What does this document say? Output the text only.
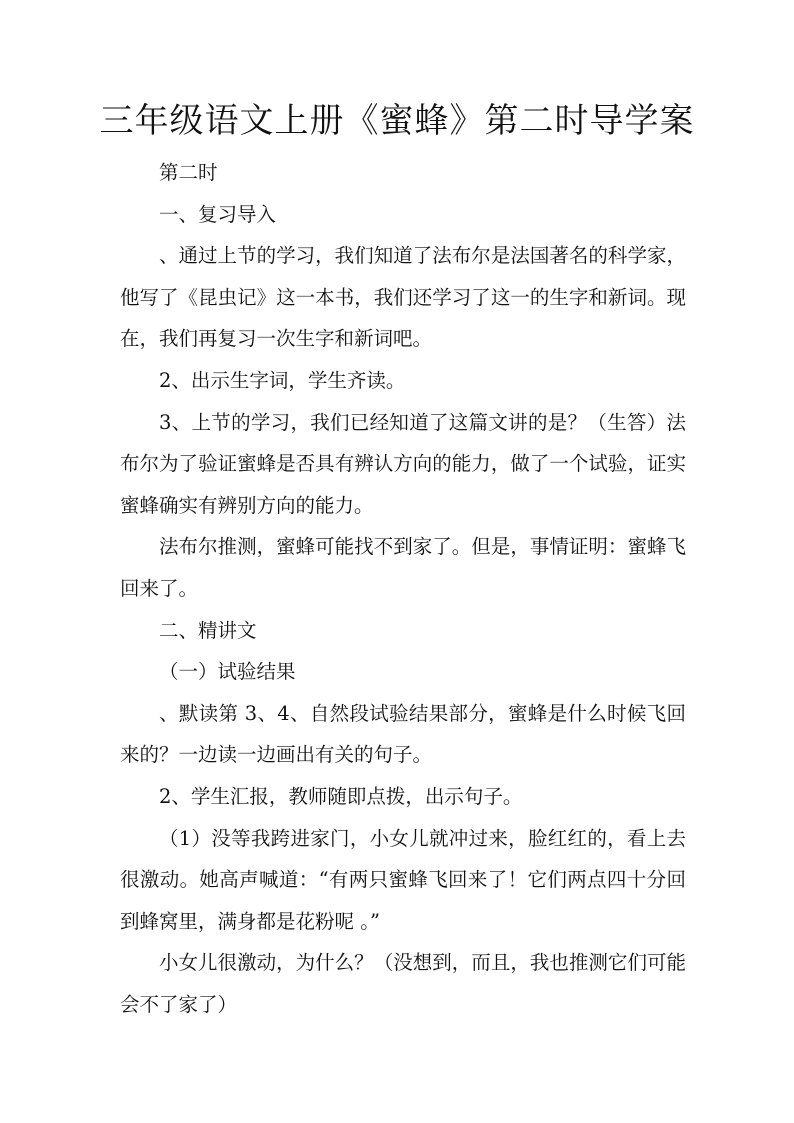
三年级语文上册《蜜蜂》第二时导学案

第二时

一、复习导入

、通过上节的学习，我们知道了法布尔是法国著名的科学家，他写了《昆虫记》这一本书，我们还学习了这一的生字和新词。现在，我们再复习一次生字和新词吧。

2、出示生字词，学生齐读。

3、上节的学习，我们已经知道了这篇文讲的是？（生答）法布尔为了验证蜜蜂是否具有辨认方向的能力，做了一个试验，证实蜜蜂确实有辨别方向的能力。

法布尔推测，蜜蜂可能找不到家了。但是，事情证明：蜜蜂飞回来了。

二、精讲文

（一）试验结果

、默读第 3、4、自然段试验结果部分，蜜蜂是什么时候飞回来的？一边读一边画出有关的句子。

2、学生汇报，教师随即点拨，出示句子。

（1）没等我跨进家门，小女儿就冲过来，脸红红的，看上去很激动。她高声喊道：“有两只蜜蜂飞回来了！它们两点四十分回到蜂窝里，满身都是花粉呢 。”

小女儿很激动，为什么？（没想到，而且，我也推测它们可能会不了家了）
